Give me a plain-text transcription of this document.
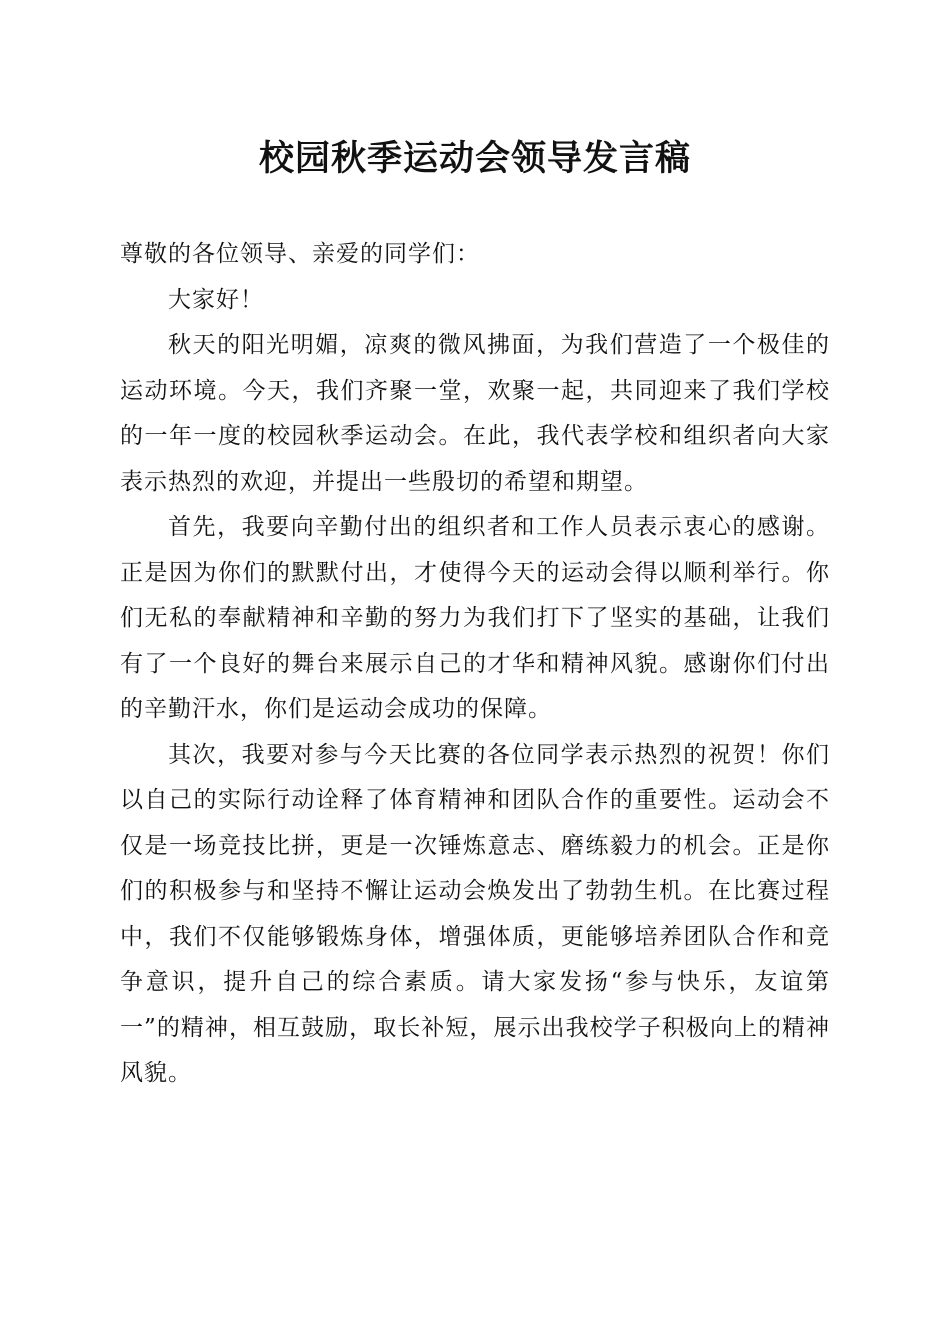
校园秋季运动会领导发言稿

尊敬的各位领导、亲爱的同学们：

大家好！

秋天的阳光明媚，凉爽的微风拂面，为我们营造了一个极佳的运动环境。今天，我们齐聚一堂，欢聚一起，共同迎来了我们学校的一年一度的校园秋季运动会。在此，我代表学校和组织者向大家表示热烈的欢迎，并提出一些殷切的希望和期望。

首先，我要向辛勤付出的组织者和工作人员表示衷心的感谢。正是因为你们的默默付出，才使得今天的运动会得以顺利举行。你们无私的奉献精神和辛勤的努力为我们打下了坚实的基础，让我们有了一个良好的舞台来展示自己的才华和精神风貌。感谢你们付出的辛勤汗水，你们是运动会成功的保障。

其次，我要对参与今天比赛的各位同学表示热烈的祝贺！你们以自己的实际行动诠释了体育精神和团队合作的重要性。运动会不仅是一场竞技比拼，更是一次锤炼意志、磨练毅力的机会。正是你们的积极参与和坚持不懈让运动会焕发出了勃勃生机。在比赛过程中，我们不仅能够锻炼身体，增强体质，更能够培养团队合作和竞争意识，提升自己的综合素质。请大家发扬“参与快乐，友谊第一”的精神，相互鼓励，取长补短，展示出我校学子积极向上的精神风貌。
